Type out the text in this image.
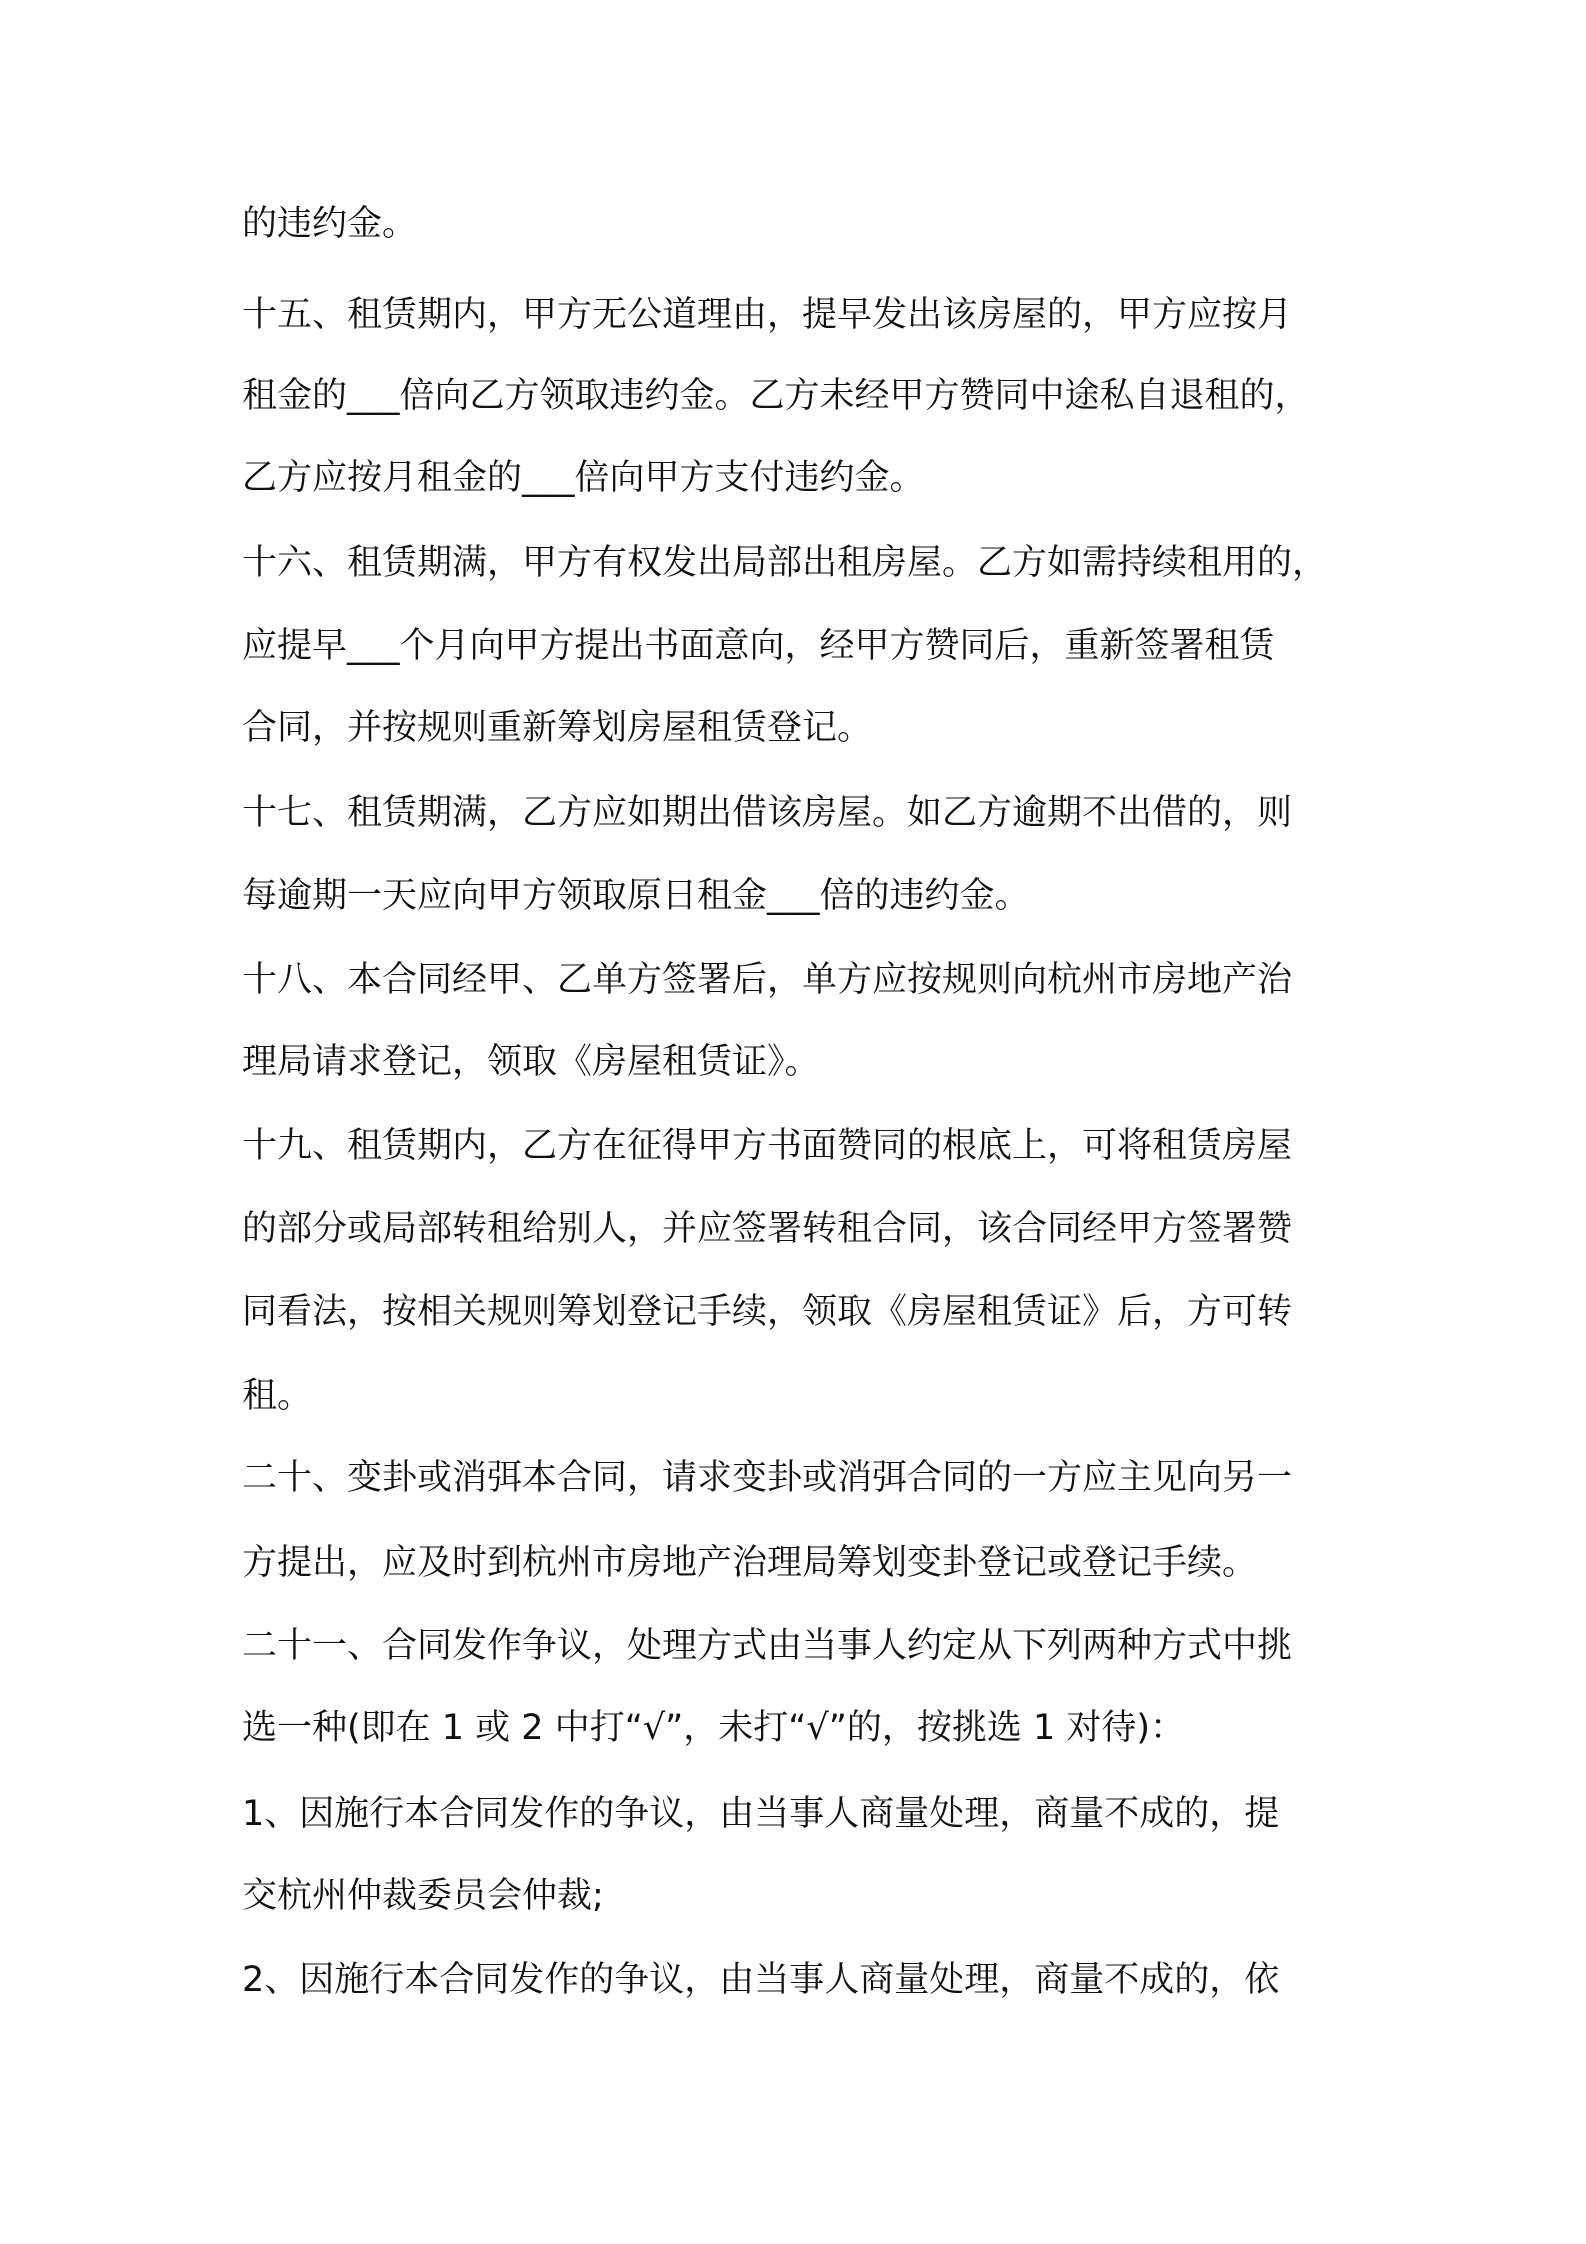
的违约金。

十五、租赁期内，甲方无公道理由，提早发出该房屋的，甲方应按月

租金的___倍向乙方领取违约金。乙方未经甲方赞同中途私自退租的，

乙方应按月租金的___倍向甲方支付违约金。

十六、租赁期满，甲方有权发出局部出租房屋。乙方如需持续租用的，

应提早___个月向甲方提出书面意向，经甲方赞同后，重新签署租赁

合同，并按规则重新筹划房屋租赁登记。

十七、租赁期满，乙方应如期出借该房屋。如乙方逾期不出借的，则

每逾期一天应向甲方领取原日租金___倍的违约金。

十八、本合同经甲、乙单方签署后，单方应按规则向杭州市房地产治

理局请求登记，领取《房屋租赁证》。

十九、租赁期内，乙方在征得甲方书面赞同的根底上，可将租赁房屋

的部分或局部转租给别人，并应签署转租合同，该合同经甲方签署赞

同看法，按相关规则筹划登记手续，领取《房屋租赁证》后，方可转

租。

二十、变卦或消弭本合同，请求变卦或消弭合同的一方应主见向另一

方提出，应及时到杭州市房地产治理局筹划变卦登记或登记手续。

二十一、合同发作争议，处理方式由当事人约定从下列两种方式中挑

选一种(即在 1 或 2 中打“√”，未打“√”的，按挑选 1 对待)：

1、因施行本合同发作的争议，由当事人商量处理，商量不成的，提

交杭州仲裁委员会仲裁;

2、因施行本合同发作的争议，由当事人商量处理，商量不成的，依
